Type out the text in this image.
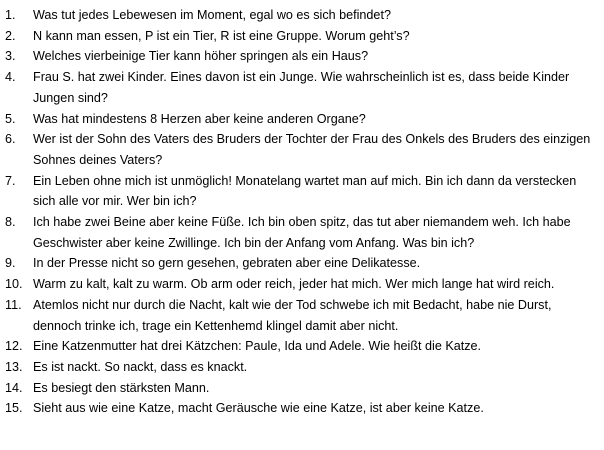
1. Was tut jedes Lebewesen im Moment, egal wo es sich befindet?
2. N kann man essen, P ist ein Tier, R ist eine Gruppe. Worum geht’s?
3. Welches vierbeinige Tier kann höher springen als ein Haus?
4. Frau S. hat zwei Kinder. Eines davon ist ein Junge. Wie wahrscheinlich ist es, dass beide Kinder Jungen sind?
5. Was hat mindestens 8 Herzen aber keine anderen Organe?
6. Wer ist der Sohn des Vaters des Bruders der Tochter der Frau des Onkels des Bruders des einzigen Sohnes deines Vaters?
7. Ein Leben ohne mich ist unmöglich! Monatelang wartet man auf mich. Bin ich dann da verstecken sich alle vor mir. Wer bin ich?
8. Ich habe zwei Beine aber keine Füße. Ich bin oben spitz, das tut aber niemandem weh. Ich habe Geschwister aber keine Zwillinge. Ich bin der Anfang vom Anfang. Was bin ich?
9. In der Presse nicht so gern gesehen, gebraten aber eine Delikatesse.
10. Warm zu kalt, kalt zu warm. Ob arm oder reich, jeder hat mich. Wer mich lange hat wird reich.
11. Atemlos nicht nur durch die Nacht, kalt wie der Tod schwebe ich mit Bedacht, habe nie Durst, dennoch trinke ich, trage ein Kettenhemd klingel damit aber nicht.
12. Eine Katzenmutter hat drei Kätzchen: Paule, Ida und Adele. Wie heißt die Katze.
13. Es ist nackt. So nackt, dass es knackt.
14. Es besiegt den stärksten Mann.
15. Sieht aus wie eine Katze, macht Geräusche wie eine Katze, ist aber keine Katze.
